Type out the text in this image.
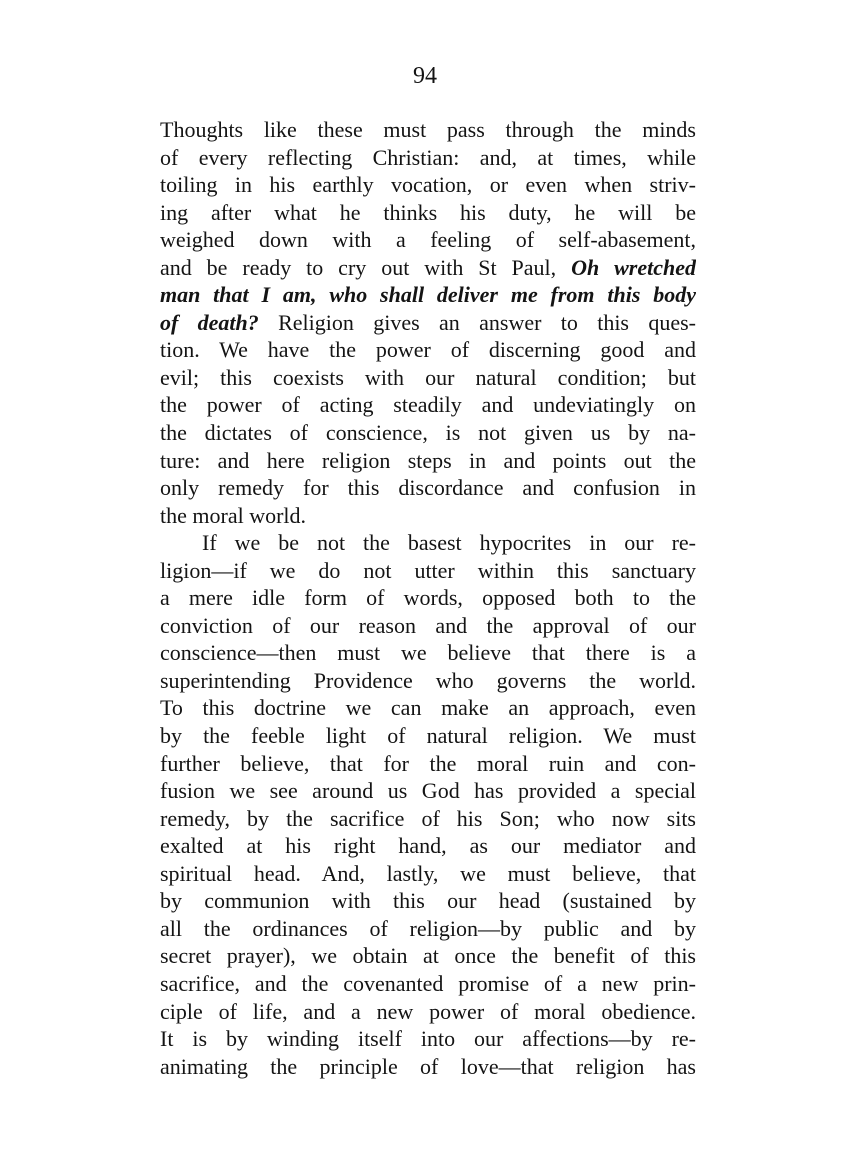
94
Thoughts like these must pass through the minds
of every reflecting Christian: and, at times, while
toiling in his earthly vocation, or even when striv-
ing after what he thinks his duty, he will be
weighed down with a feeling of self-abasement,
and be ready to cry out with St Paul, Oh wretched
man that I am, who shall deliver me from this body
of death? Religion gives an answer to this ques-
tion. We have the power of discerning good and
evil; this coexists with our natural condition; but
the power of acting steadily and undeviatingly on
the dictates of conscience, is not given us by na-
ture: and here religion steps in and points out the
only remedy for this discordance and confusion in
the moral world.
If we be not the basest hypocrites in our re-
ligion—if we do not utter within this sanctuary
a mere idle form of words, opposed both to the
conviction of our reason and the approval of our
conscience—then must we believe that there is a
superintending Providence who governs the world.
To this doctrine we can make an approach, even
by the feeble light of natural religion. We must
further believe, that for the moral ruin and con-
fusion we see around us God has provided a special
remedy, by the sacrifice of his Son; who now sits
exalted at his right hand, as our mediator and
spiritual head. And, lastly, we must believe, that
by communion with this our head (sustained by
all the ordinances of religion—by public and by
secret prayer), we obtain at once the benefit of this
sacrifice, and the covenanted promise of a new prin-
ciple of life, and a new power of moral obedience.
It is by winding itself into our affections—by re-
animating the principle of love—that religion has
